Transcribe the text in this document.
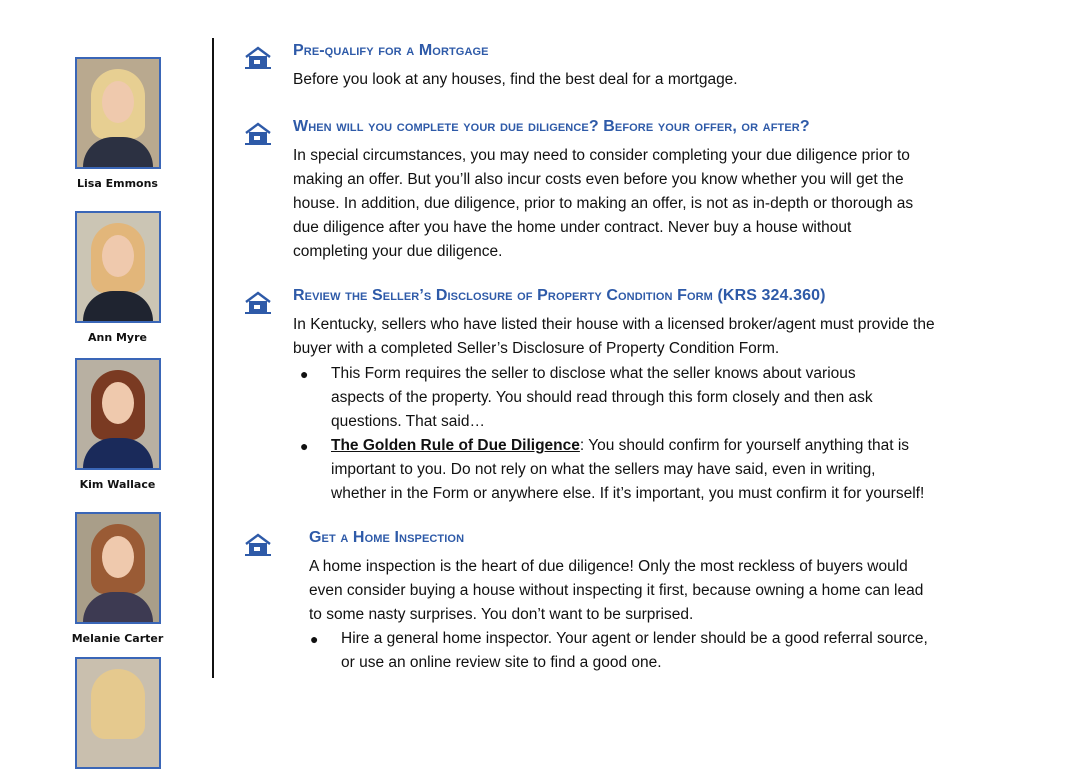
Lisa Emmons
Ann Myre
Kim Wallace
Melanie Carter
Pre-qualify for a Mortgage
Before you look at any houses, find the best deal for a mortgage.
When will you complete your due diligence? Before your offer, or after?
In special circumstances, you may need to consider completing your due diligence prior to
making an offer. But you’ll also incur costs even before you know whether you will get the
house. In addition, due diligence, prior to making an offer, is not as in-depth or thorough as
due diligence after you have the home under contract. Never buy a house without
completing your due diligence.
Review the Seller’s Disclosure of Property Condition Form (KRS 324.360)
In Kentucky, sellers who have listed their house with a licensed broker/agent must provide the
buyer with a completed Seller’s Disclosure of Property Condition Form.
● This Form requires the seller to disclose what the seller knows about various
aspects of the property. You should read through this form closely and then ask
questions. That said…
● The Golden Rule of Due Diligence: You should confirm for yourself anything that is
important to you. Do not rely on what the sellers may have said, even in writing,
whether in the Form or anywhere else. If it’s important, you must confirm it for yourself!
Get a Home Inspection
A home inspection is the heart of due diligence! Only the most reckless of buyers would
even consider buying a house without inspecting it first, because owning a home can lead
to some nasty surprises. You don’t want to be surprised.
● Hire a general home inspector. Your agent or lender should be a good referral source,
or use an online review site to find a good one.
